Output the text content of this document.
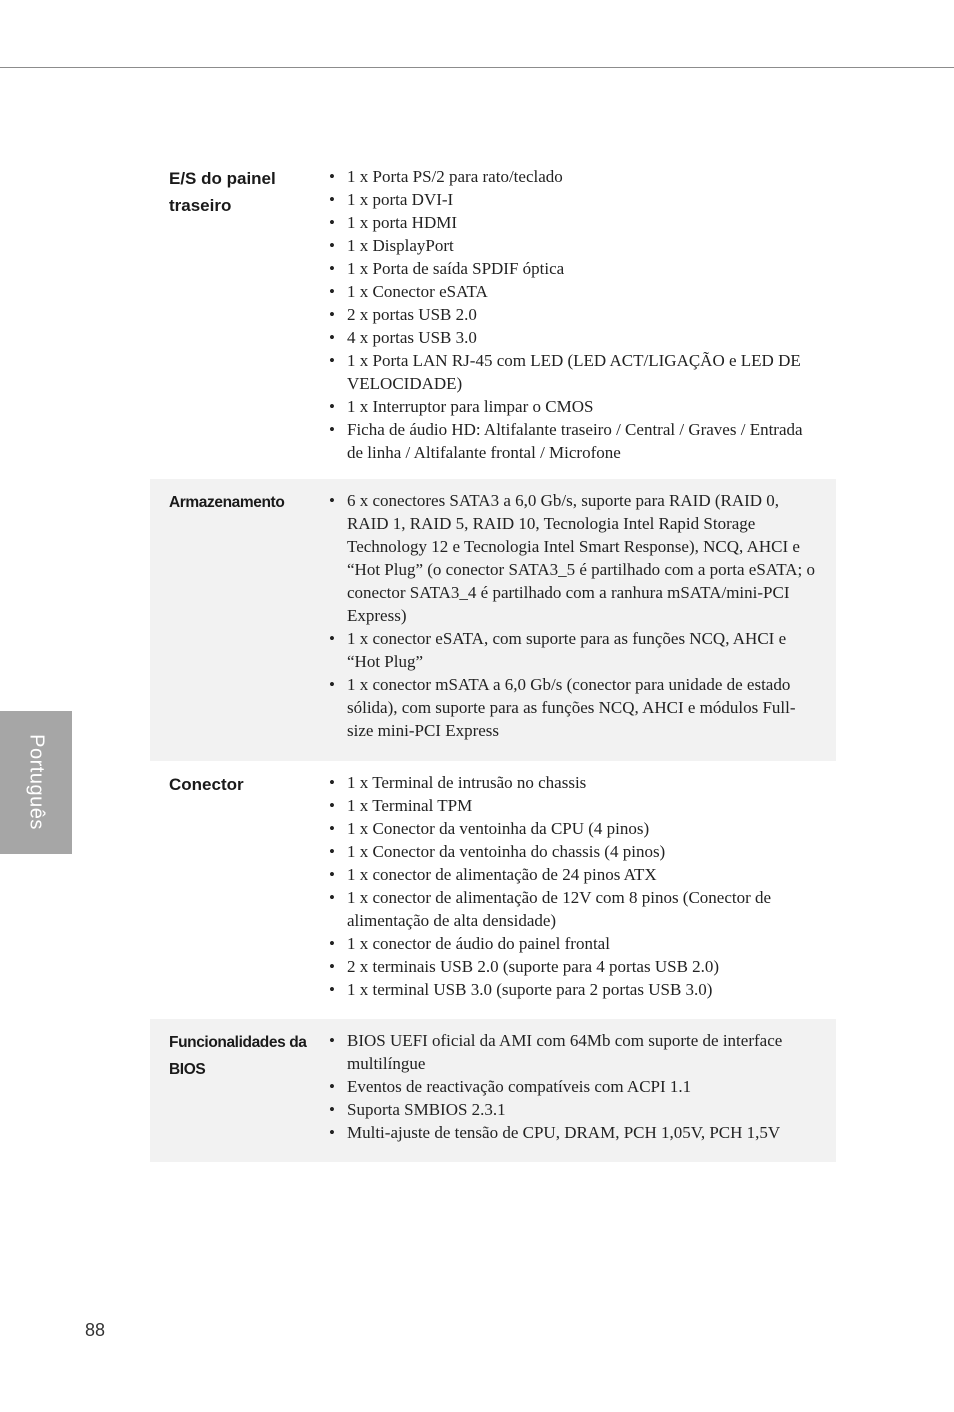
Português
E/S do painel traseiro
• 1 x Porta PS/2 para rato/teclado
• 1 x porta DVI-I
• 1 x porta HDMI
• 1 x DisplayPort
• 1 x Porta de saída SPDIF óptica
• 1 x Conector eSATA
• 2 x portas USB 2.0
• 4 x portas USB 3.0
• 1 x Porta LAN RJ-45 com LED (LED ACT/LIGAÇÃO e LED DE VELOCIDADE)
• 1 x Interruptor para limpar o CMOS
• Ficha de áudio HD: Altifalante traseiro / Central / Graves / Entrada de linha / Altifalante frontal / Microfone
Armazenamento	• 6 x conectores SATA3 a 6,0 Gb/s, suporte para RAID (RAID 0, RAID 1, RAID 5, RAID 10, Tecnologia Intel Rapid Storage Technology 12 e Tecnologia Intel Smart Response), NCQ, AHCI e “Hot Plug” (o conector SATA3_5 é partilhado com a porta eSATA; o conector SATA3_4 é partilhado com a ranhura mSATA/mini-PCI Express)
• 1 x conector eSATA, com suporte para as funções NCQ, AHCI e “Hot Plug”
• 1 x conector mSATA a 6,0 Gb/s (conector para unidade de estado sólida), com suporte para as funções NCQ, AHCI e módulos Full-size mini-PCI Express
Conector	• 1 x Terminal de intrusão no chassis
• 1 x Terminal TPM
• 1 x Conector da ventoinha da CPU (4 pinos)
• 1 x Conector da ventoinha do chassis (4 pinos)
• 1 x conector de alimentação de 24 pinos ATX
• 1 x conector de alimentação de 12V com 8 pinos (Conector de alimentação de alta densidade)
• 1 x conector de áudio do painel frontal
• 2 x terminais USB 2.0 (suporte para 4 portas USB 2.0)
• 1 x terminal USB 3.0 (suporte para 2 portas USB 3.0)
Funcionalidades da BIOS
• BIOS UEFI oficial da AMI com 64Mb com suporte de interface multilíngue
• Eventos de reactivação compatíveis com ACPI 1.1
• Suporta SMBIOS 2.3.1
• Multi-ajuste de tensão de CPU, DRAM, PCH 1,05V, PCH 1,5V
88
